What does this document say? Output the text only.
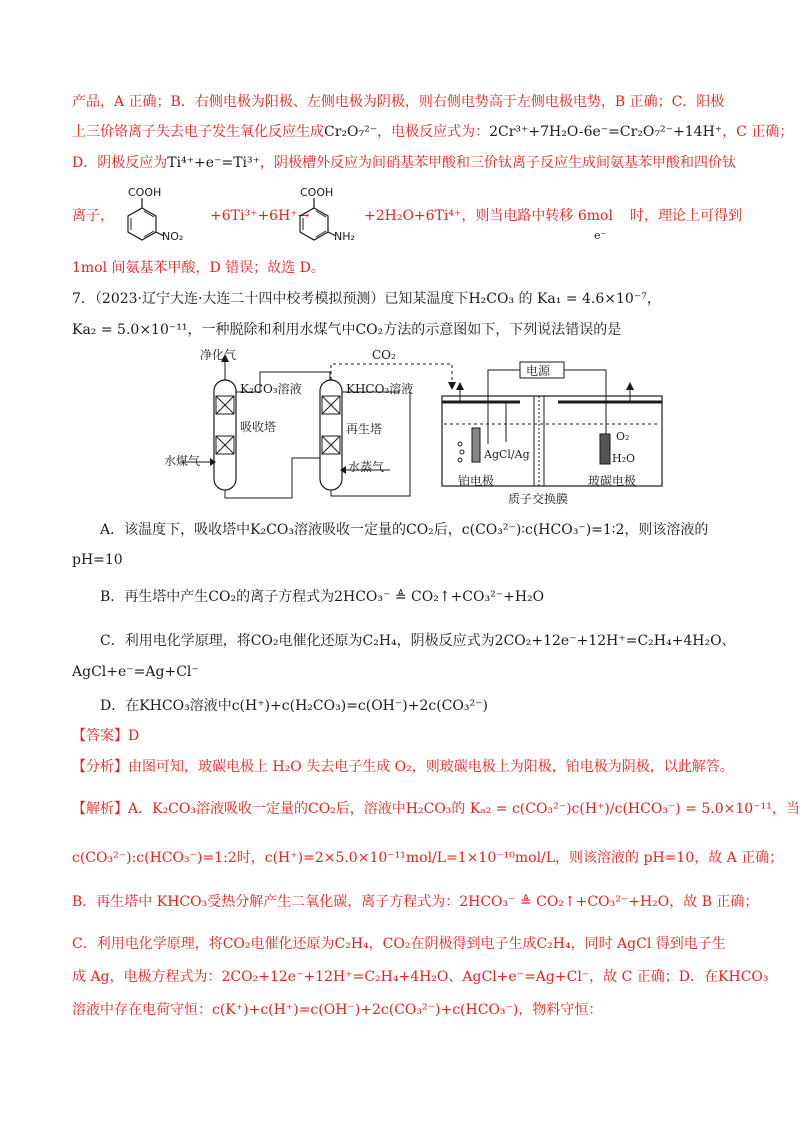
产品，A 正确；B．右侧电极为阳极、左侧电极为阴极，则右侧电势高于左侧电极电势，B 正确；C．阳极
上三价铬离子失去电子发生氧化反应生成Cr₂O₇²⁻，电极反应式为：2Cr³⁺+7H₂O-6e⁻=Cr₂O₇²⁻+14H⁺，C 正确；
D．阴极反应为Ti⁴⁺+e⁻=Ti³⁺，阴极槽外反应为间硝基苯甲酸和三价钛离子反应生成间氨基苯甲酸和四价钛
离子，
COOH
NO₂
+6Ti³⁺+6H⁺→
COOH
NH₂
+2H₂O+6Ti⁴⁺，则当电路中转移 6mol
e⁻
时，理论上可得到
1mol 间氨基苯甲酸，D 错误；故选 D。
7．（2023·辽宁大连·大连二十四中校考模拟预测）已知某温度下H₂CO₃ 的 Ka₁ = 4.6×10⁻⁷，
Ka₂ = 5.0×10⁻¹¹，一种脱除和利用水煤气中CO₂方法的示意图如下，下列说法错误的是
净化气
K₂CO₃溶液
吸收塔
水煤气
CO₂
KHCO₃溶液
再生塔
水蒸气
电源
AgCl/Ag
O₂
H₂O
铂电极	玻碳电极
质子交换膜
A．该温度下，吸收塔中K₂CO₃溶液吸收一定量的CO₂后，c(CO₃²⁻)∶c(HCO₃⁻)=1∶2，则该溶液的
pH=10
B．再生塔中产生CO₂的离子方程式为2HCO₃⁻ ≜ CO₂↑+CO₃²⁻+H₂O
C．利用电化学原理，将CO₂电催化还原为C₂H₄，阴极反应式为2CO₂+12e⁻+12H⁺=C₂H₄+4H₂O、
AgCl+e⁻=Ag+Cl⁻
D．在KHCO₃溶液中c(H⁺)+c(H₂CO₃)=c(OH⁻)+2c(CO₃²⁻)
【答案】D
【分析】由图可知，玻碳电极上 H₂O 失去电子生成 O₂，则玻碳电极上为阳极，铂电极为阴极，以此解答。
【解析】A．K₂CO₃溶液吸收一定量的CO₂后，溶液中H₂CO₃的 Kₐ₂ = c(CO₃²⁻)c(H⁺)/c(HCO₃⁻) = 5.0×10⁻¹¹，当
c(CO₃²⁻):c(HCO₃⁻)=1:2时，c(H⁺)=2×5.0×10⁻¹¹mol/L=1×10⁻¹⁰mol/L，则该溶液的 pH=10，故 A 正确；
B．再生塔中 KHCO₃受热分解产生二氧化碳，离子方程式为：2HCO₃⁻ ≜ CO₂↑+CO₃²⁻+H₂O，故 B 正确；
C．利用电化学原理，将CO₂电催化还原为C₂H₄，CO₂在阴极得到电子生成C₂H₄，同时 AgCl 得到电子生
成 Ag，电极方程式为：2CO₂+12e⁻+12H⁺=C₂H₄+4H₂O、AgCl+e⁻=Ag+Cl⁻，故 C 正确；D．在KHCO₃
溶液中存在电荷守恒：c(K⁺)+c(H⁺)=c(OH⁻)+2c(CO₃²⁻)+c(HCO₃⁻)，物料守恒：
